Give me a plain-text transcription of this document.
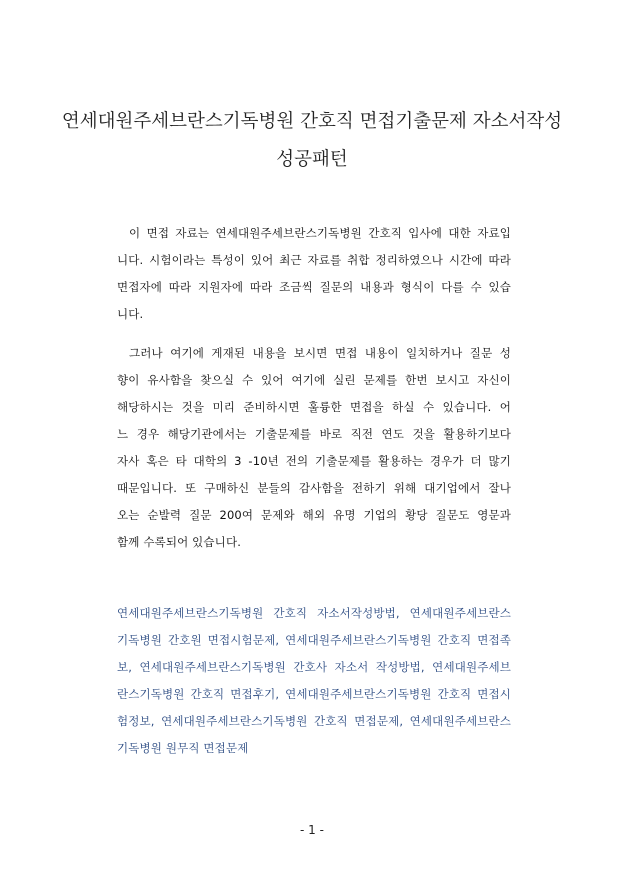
연세대원주세브란스기독병원 간호직 면접기출문제 자소서작성
성공패턴
이 면접 자료는 연세대원주세브란스기독병원 간호직 입사에 대한 자료입
니다. 시험이라는 특성이 있어 최근 자료를 취합 정리하였으나 시간에 따라
면접자에 따라 지원자에 따라 조금씩 질문의 내용과 형식이 다를 수 있습
니다.
그러나 여기에 게재된 내용을 보시면 면접 내용이 일치하거나 질문 성
향이 유사함을 찾으실 수 있어 여기에 실린 문제를 한번 보시고 자신이
해당하시는 것을 미리 준비하시면 훌륭한 면접을 하실 수 있습니다. 어
느 경우 해당기관에서는 기출문제를 바로 직전 연도 것을 활용하기보다
자사 혹은 타 대학의 3 -10년 전의 기출문제를 활용하는 경우가 더 많기
때문입니다. 또 구매하신 분들의 감사함을 전하기 위해 대기업에서 잘나
오는 순발력 질문 200여 문제와 해외 유명 기업의 황당 질문도 영문과
함께 수록되어 있습니다.
연세대원주세브란스기독병원 간호직 자소서작성방법, 연세대원주세브란스
기독병원 간호원 면접시험문제, 연세대원주세브란스기독병원 간호직 면접족
보, 연세대원주세브란스기독병원 간호사 자소서 작성방법, 연세대원주세브
란스기독병원 간호직 면접후기, 연세대원주세브란스기독병원 간호직 면접시
험정보, 연세대원주세브란스기독병원 간호직 면접문제, 연세대원주세브란스
기독병원 원무직 면접문제
- 1 -
